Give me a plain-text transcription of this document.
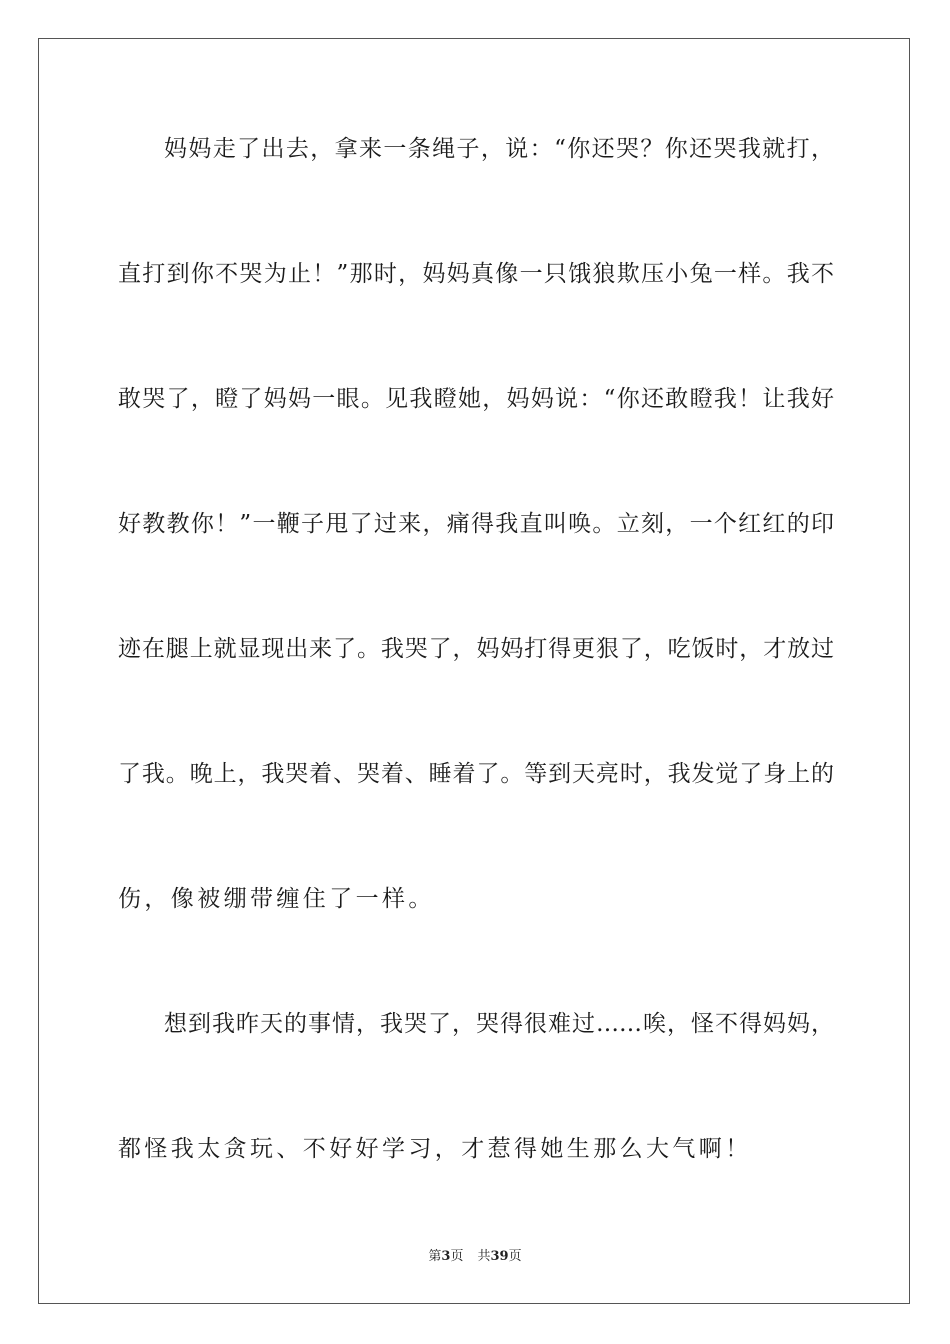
妈妈走了出去，拿来一条绳子，说：“你还哭？你还哭我就打，
直打到你不哭为止！”那时，妈妈真像一只饿狼欺压小兔一样。我不
敢哭了，瞪了妈妈一眼。见我瞪她，妈妈说：“你还敢瞪我！让我好
好教教你！”一鞭子甩了过来，痛得我直叫唤。立刻，一个红红的印
迹在腿上就显现出来了。我哭了，妈妈打得更狠了，吃饭时，才放过
了我。晚上，我哭着、哭着、睡着了。等到天亮时，我发觉了身上的
伤，像被绷带缠住了一样。
想到我昨天的事情，我哭了，哭得很难过……唉，怪不得妈妈，
都怪我太贪玩、不好好学习，才惹得她生那么大气啊！
第3页 共39页
